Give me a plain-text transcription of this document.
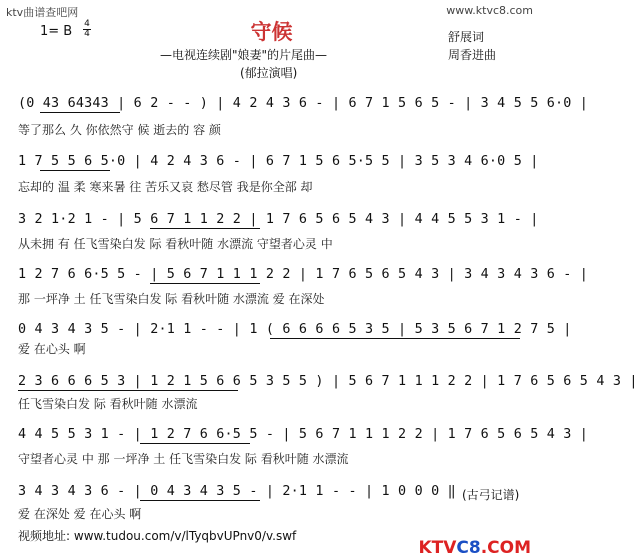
ktv曲谱查吧网	www.ktvc8.com
1= B 4
4	守候
—电视连续剧"娘妻"的片尾曲—
(郁拉演唱)
舒展词
周香进曲
(0 43 64343 | 6 2 - - ) | 4 2 4 3 6 - | 6 7 1 5 6 5 - | 3 4 5 5 6·0 |
等了那么 久 你依然守 候 逝去的 容 颜
1 7 5 5 6 5·0 | 4 2 4 3 6 - | 6 7 1 5 6 5·5 5 | 3 5 3 4 6·0 5 |
忘却的 温 柔 寒来暑 往 苦乐又哀 愁尽管 我是你全部 却
3 2 1·2 1 - | 5 6 7 1 1 2 2 | 1 7 6 5 6 5 4 3 | 4 4 5 5 3 1 - |
从未拥 有 任飞雪染白发 际 看秋叶随 水漂流 守望者心灵 中
1 2 7 6 6·5 5 - | 5 6 7 1 1 1 2 2 | 1 7 6 5 6 5 4 3 | 3 4 3 4 3 6 - |
那 一坪净 土 任飞雪染白发 际 看秋叶随 水漂流 爱 在深处
0 4 3 4 3 5 - | 2·1 1 - - | 1 ( 6 6 6 6 5 3 5 | 5 3 5 6 7 1 2 7 5 |
爱 在心头 啊
2 3 6 6 6 5 3 | 1 2 1 5 6 6 5 3 5 5 ) | 5 6 7 1 1 1 2 2 | 1 7 6 5 6 5 4 3 |
任飞雪染白发 际 看秋叶随 水漂流
4 4 5 5 3 1 - | 1 2 7 6 6·5 5 - | 5 6 7 1 1 1 2 2 | 1 7 6 5 6 5 4 3 |
守望者心灵 中 那 一坪净 土 任飞雪染白发 际 看秋叶随 水漂流
3 4 3 4 3 6 - | 0 4 3 4 3 5 - | 2·1 1 - - | 1 0 0 0 ‖
爱 在深处 爱 在心头 啊
(古弓记谱)
视频地址: www.tudou.com/v/lTyqbvUPnv0/v.swf
KTVC8.COM
